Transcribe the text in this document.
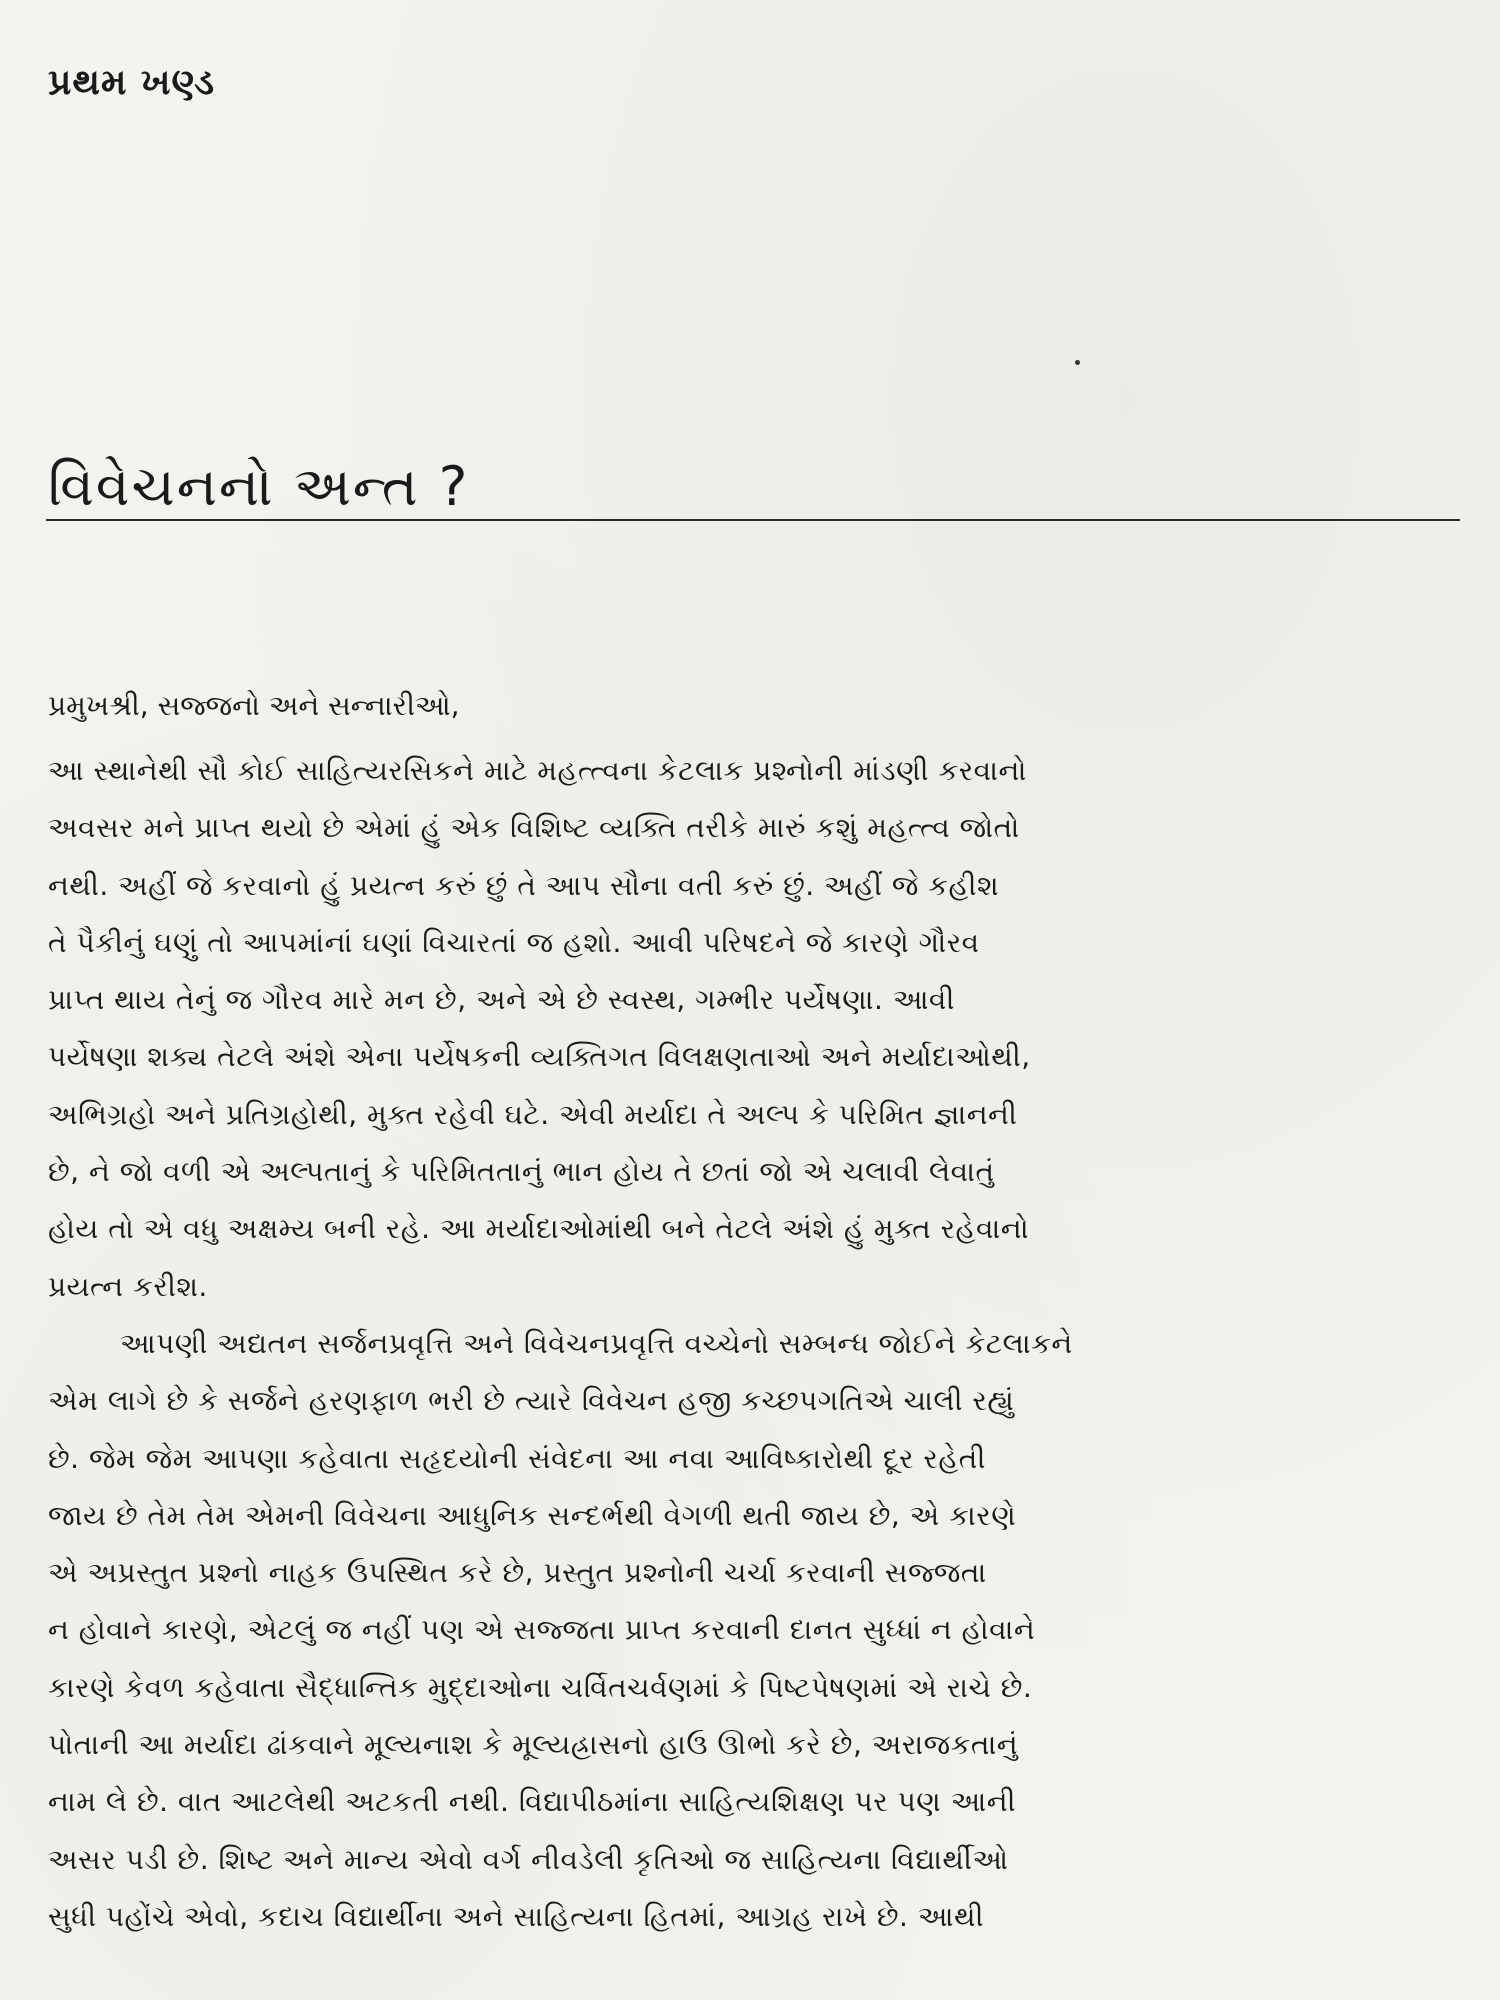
પ્રથમ ખણ્ડ
વિવેચનનો અન્ત ?
પ્રમુખશ્રી, સજ્જનો અને સન્નારીઓ,
આ સ્થાનેથી સૌ કોઈ સાહિત્યરસિકને માટે મહત્ત્વના કેટલાક પ્રશ્નોની માંડણી કરવાનો
અવસર મને પ્રાપ્ત થયો છે એમાં હું એક વિશિષ્ટ વ્યક્તિ તરીકે મારું કશું મહત્ત્વ જોતો
નથી. અહીં જે કરવાનો હું પ્રયત્ન કરું છું તે આપ સૌના વતી કરું છું. અહીં જે કહીશ
તે પૈકીનું ઘણું તો આપમાંનાં ઘણાં વિચારતાં જ હશો. આવી પરિષદને જે કારણે ગૌરવ
પ્રાપ્ત થાય તેનું જ ગૌરવ મારે મન છે, અને એ છે સ્વસ્થ, ગમ્ભીર પર્યેષણા. આવી
પર્યેષણા શક્ય તેટલે અંશે એના પર્યેષકની વ્યક્તિગત વિલક્ષણતાઓ અને મર્યાદાઓથી,
અભિગ્રહો અને પ્રતિગ્રહોથી, મુક્ત રહેવી ઘટે. એવી મર્યાદા તે અલ્પ કે પરિમિત જ્ઞાનની
છે, ને જો વળી એ અલ્પતાનું કે પરિમિતતાનું ભાન હોય તે છતાં જો એ ચલાવી લેવાતું
હોય તો એ વધુ અક્ષમ્ય બની રહે. આ મર્યાદાઓમાંથી બને તેટલે અંશે હું મુક્ત રહેવાનો
પ્રયત્ન કરીશ.
આપણી અદ્યતન સર્જનપ્રવૃત્તિ અને વિવેચનપ્રવૃત્તિ વચ્ચેનો સમ્બન્ધ જોઈને કેટલાકને
એમ લાગે છે કે સર્જને હરણફાળ ભરી છે ત્યારે વિવેચન હજી કચ્છપગતિએ ચાલી રહ્યું
છે. જેમ જેમ આપણા કહેવાતા સહૃદયોની સંવેદના આ નવા આવિષ્કારોથી દૂર રહેતી
જાય છે તેમ તેમ એમની વિવેચના આધુનિક સન્દર્ભથી વેગળી થતી જાય છે, એ કારણે
એ અપ્રસ્તુત પ્રશ્નો નાહક ઉપસ્થિત કરે છે, પ્રસ્તુત પ્રશ્નોની ચર્ચા કરવાની સજ્જતા
ન હોવાને કારણે, એટલું જ નહીં પણ એ સજ્જતા પ્રાપ્ત કરવાની દાનત સુધ્ધાં ન હોવાને
કારણે કેવળ કહેવાતા સૈદ્ધાન્તિક મુદ્દાઓના ચર્વિતચર્વણમાં કે પિષ્ટપેષણમાં એ રાચે છે.
પોતાની આ મર્યાદા ઢાંકવાને મૂલ્યનાશ કે મૂલ્યહ્રાસનો હાઉ ઊભો કરે છે, અરાજકતાનું
નામ લે છે. વાત આટલેથી અટકતી નથી. વિદ્યાપીઠમાંના સાહિત્યશિક્ષણ પર પણ આની
અસર પડી છે. શિષ્ટ અને માન્ય એવો વર્ગ નીવડેલી કૃતિઓ જ સાહિત્યના વિદ્યાર્થીઓ
સુધી પહોંચે એવો, કદાચ વિદ્યાર્થીના અને સાહિત્યના હિતમાં, આગ્રહ રાખે છે. આથી
